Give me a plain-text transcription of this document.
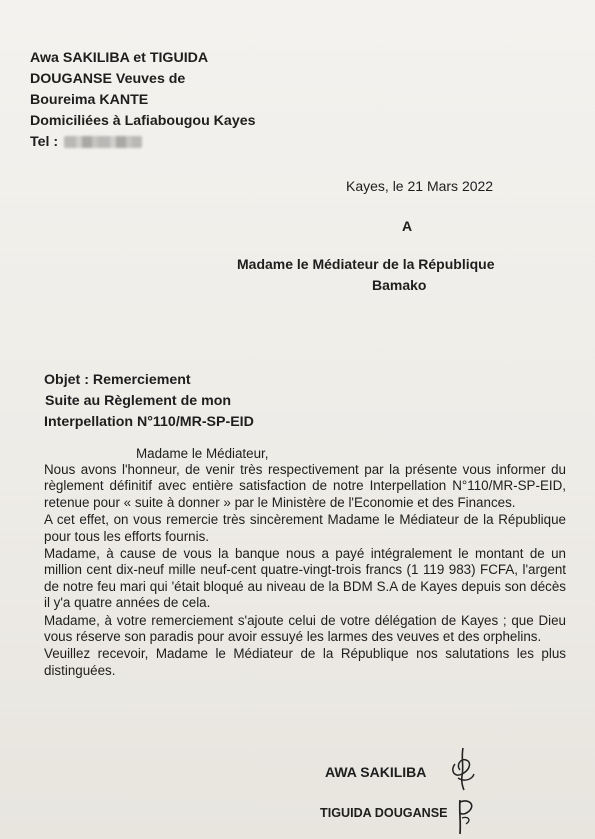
Awa SAKILIBA et TIGUIDA
DOUGANSE Veuves de
Boureima KANTE
Domiciliées à Lafiabougou Kayes
Tel :
Kayes, le 21 Mars 2022
A
Madame le Médiateur de la République
Bamako
Objet : Remerciement
Suite au Règlement de mon
Interpellation N°110/MR-SP-EID
Madame le Médiateur,

Nous avons l'honneur, de venir très respectivement par la présente vous informer du règlement définitif avec entière satisfaction de notre Interpellation N°110/MR-SP-EID, retenue pour « suite à donner » par le Ministère de l'Economie et des Finances.

A cet effet, on vous remercie très sincèrement Madame le Médiateur de la République pour tous les efforts fournis.

Madame, à cause de vous la banque nous a payé intégralement le montant de un million cent dix-neuf mille neuf-cent quatre-vingt-trois francs (1 119 983) FCFA, l'argent de notre feu mari qui 'était bloqué au niveau de la BDM S.A de Kayes depuis son décès il y'a quatre années de cela.

Madame, à votre remerciement s'ajoute celui de votre délégation de Kayes ; que Dieu vous réserve son paradis pour avoir essuyé les larmes des veuves et des orphelins.

Veuillez recevoir, Madame le Médiateur de la République nos salutations les plus distinguées.

AWA SAKILIBA
TIGUIDA DOUGANSE
